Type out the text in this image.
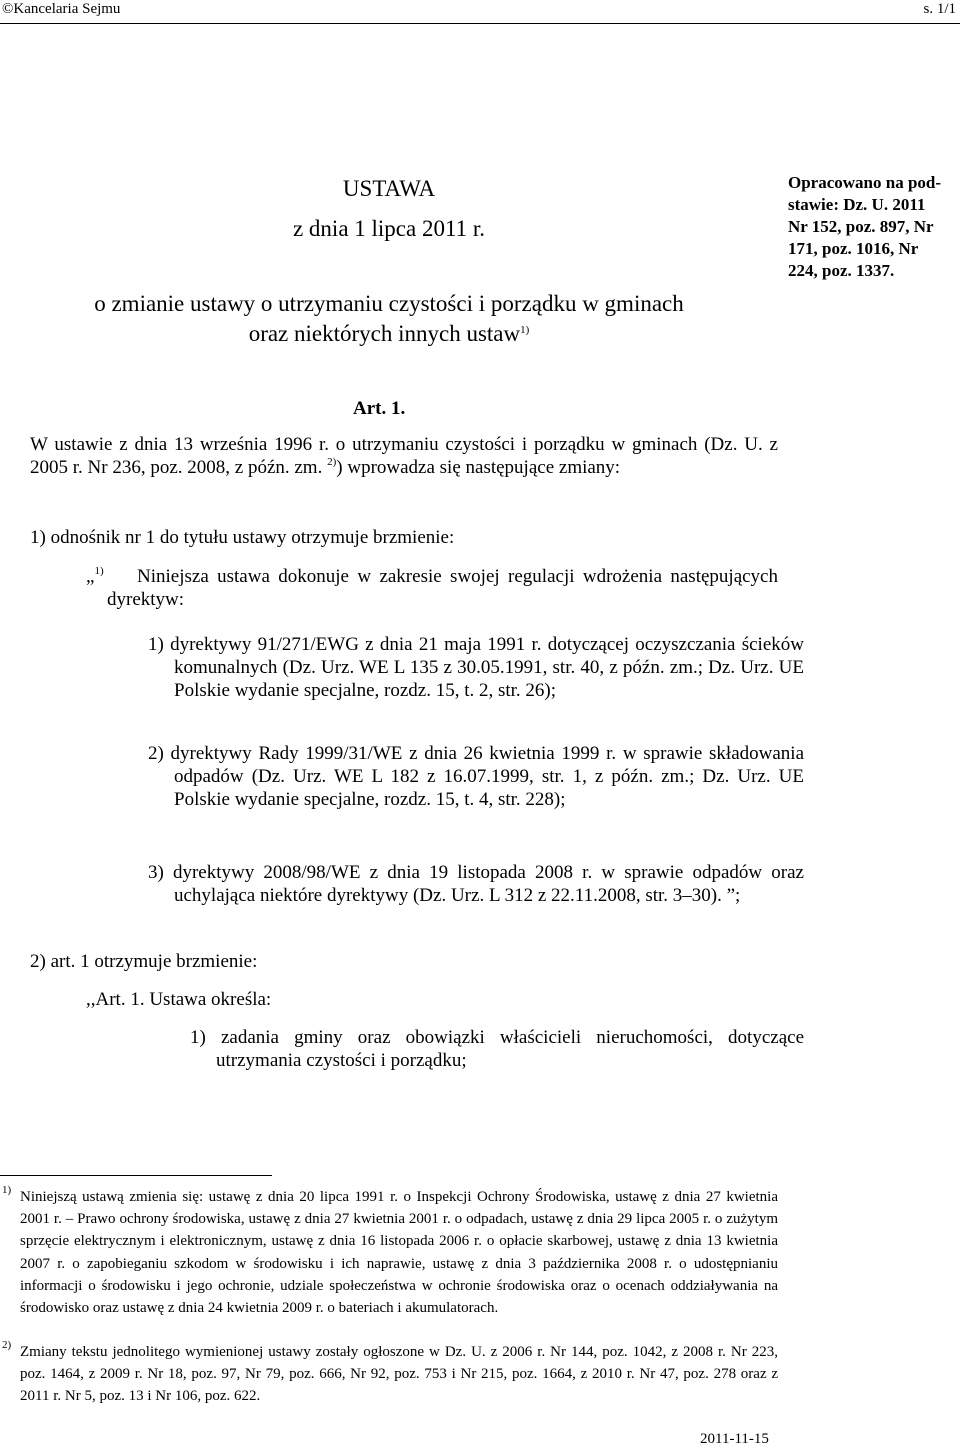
©Kancelaria Sejmu	s. 1/1
USTAWA
z dnia 1 lipca 2011 r.
o zmianie ustawy o utrzymaniu czystości i porządku w gminach
oraz niektórych innych ustaw$^{1)}$
Opracowano na pod-
stawie: Dz. U. 2011
Nr 152, poz. 897, Nr
171, poz. 1016, Nr
224, poz. 1337.
Art. 1.
W ustawie z dnia 13 września 1996 r. o utrzymaniu czystości i porządku w gminach (Dz. U. z 2005 r. Nr 236, poz. 2008, z późn. zm. $^{2)}$) wprowadza się następujące zmiany:
1) odnośnik nr 1 do tytułu ustawy otrzymuje brzmienie:
„$^{1)}$	Niniejsza ustawa dokonuje w zakresie swojej regulacji wdrożenia następujących dyrektyw:
1) dyrektywy 91/271/EWG z dnia 21 maja 1991 r. dotyczącej oczyszczania ścieków komunalnych (Dz. Urz. WE L 135 z 30.05.1991, str. 40, z późn. zm.; Dz. Urz. UE Polskie wydanie specjalne, rozdz. 15, t. 2, str. 26);
2) dyrektywy Rady 1999/31/WE z dnia 26 kwietnia 1999 r. w sprawie składowania odpadów (Dz. Urz. WE L 182 z 16.07.1999, str. 1, z późn. zm.; Dz. Urz. UE Polskie wydanie specjalne, rozdz. 15, t. 4, str. 228);
3) dyrektywy 2008/98/WE z dnia 19 listopada 2008 r. w sprawie odpadów oraz uchylająca niektóre dyrektywy (Dz. Urz. L 312 z 22.11.2008, str. 3–30). ”;
2) art. 1 otrzymuje brzmienie:
,,Art. 1. Ustawa określa:
1) zadania gminy oraz obowiązki właścicieli nieruchomości, dotyczące utrzymania czystości i porządku;
$^{1)}$ Niniejszą ustawą zmienia się: ustawę z dnia 20 lipca 1991 r. o Inspekcji Ochrony Środowiska, ustawę z dnia 27 kwietnia 2001 r. – Prawo ochrony środowiska, ustawę z dnia 27 kwietnia 2001 r. o odpadach, ustawę z dnia 29 lipca 2005 r. o zużytym sprzęcie elektrycznym i elektronicznym, ustawę z dnia 16 listopada 2006 r. o opłacie skarbowej, ustawę z dnia 13 kwietnia 2007 r. o zapobieganiu szkodom w środowisku i ich naprawie, ustawę z dnia 3 października 2008 r. o udostępnianiu informacji o środowisku i jego ochronie, udziale społeczeństwa w ochronie środowiska oraz o ocenach oddziaływania na środowisko oraz ustawę z dnia 24 kwietnia 2009 r. o bateriach i akumulatorach.
$^{2)}$ Zmiany tekstu jednolitego wymienionej ustawy zostały ogłoszone w Dz. U. z 2006 r. Nr 144, poz. 1042, z 2008 r. Nr 223, poz. 1464, z 2009 r. Nr 18, poz. 97, Nr 79, poz. 666, Nr 92, poz. 753 i Nr 215, poz. 1664, z 2010 r. Nr 47, poz. 278 oraz z 2011 r. Nr 5, poz. 13 i Nr 106, poz. 622.
2011-11-15
